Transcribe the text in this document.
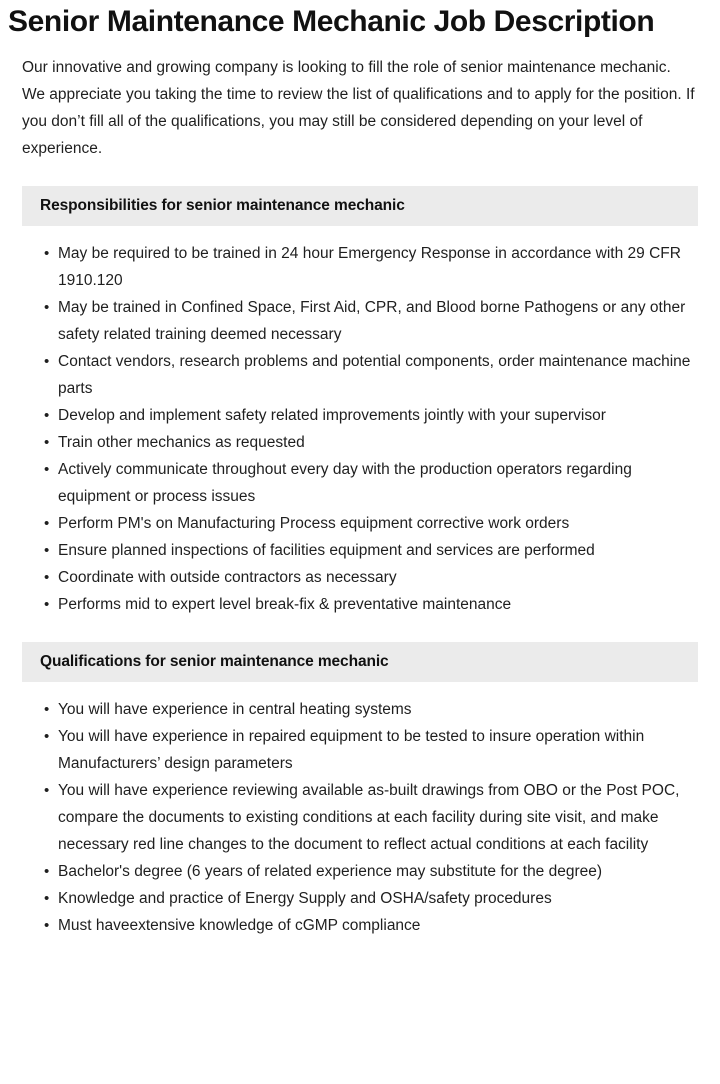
Senior Maintenance Mechanic Job Description

Our innovative and growing company is looking to fill the role of senior maintenance mechanic. We appreciate you taking the time to review the list of qualifications and to apply for the position. If you don’t fill all of the qualifications, you may still be considered depending on your level of experience.

Responsibilities for senior maintenance mechanic
• May be required to be trained in 24 hour Emergency Response in accordance with 29 CFR 1910.120
• May be trained in Confined Space, First Aid, CPR, and Blood borne Pathogens or any other safety related training deemed necessary
• Contact vendors, research problems and potential components, order maintenance machine parts
• Develop and implement safety related improvements jointly with your supervisor
• Train other mechanics as requested
• Actively communicate throughout every day with the production operators regarding equipment or process issues
• Perform PM's on Manufacturing Process equipment corrective work orders
• Ensure planned inspections of facilities equipment and services are performed
• Coordinate with outside contractors as necessary
• Performs mid to expert level break-fix & preventative maintenance
Qualifications for senior maintenance mechanic
• You will have experience in central heating systems
• You will have experience in repaired equipment to be tested to insure operation within Manufacturers’ design parameters
• You will have experience reviewing available as-built drawings from OBO or the Post POC, compare the documents to existing conditions at each facility during site visit, and make necessary red line changes to the document to reflect actual conditions at each facility
• Bachelor's degree (6 years of related experience may substitute for the degree)
• Knowledge and practice of Energy Supply and OSHA/safety procedures
• Must haveextensive knowledge of cGMP compliance
